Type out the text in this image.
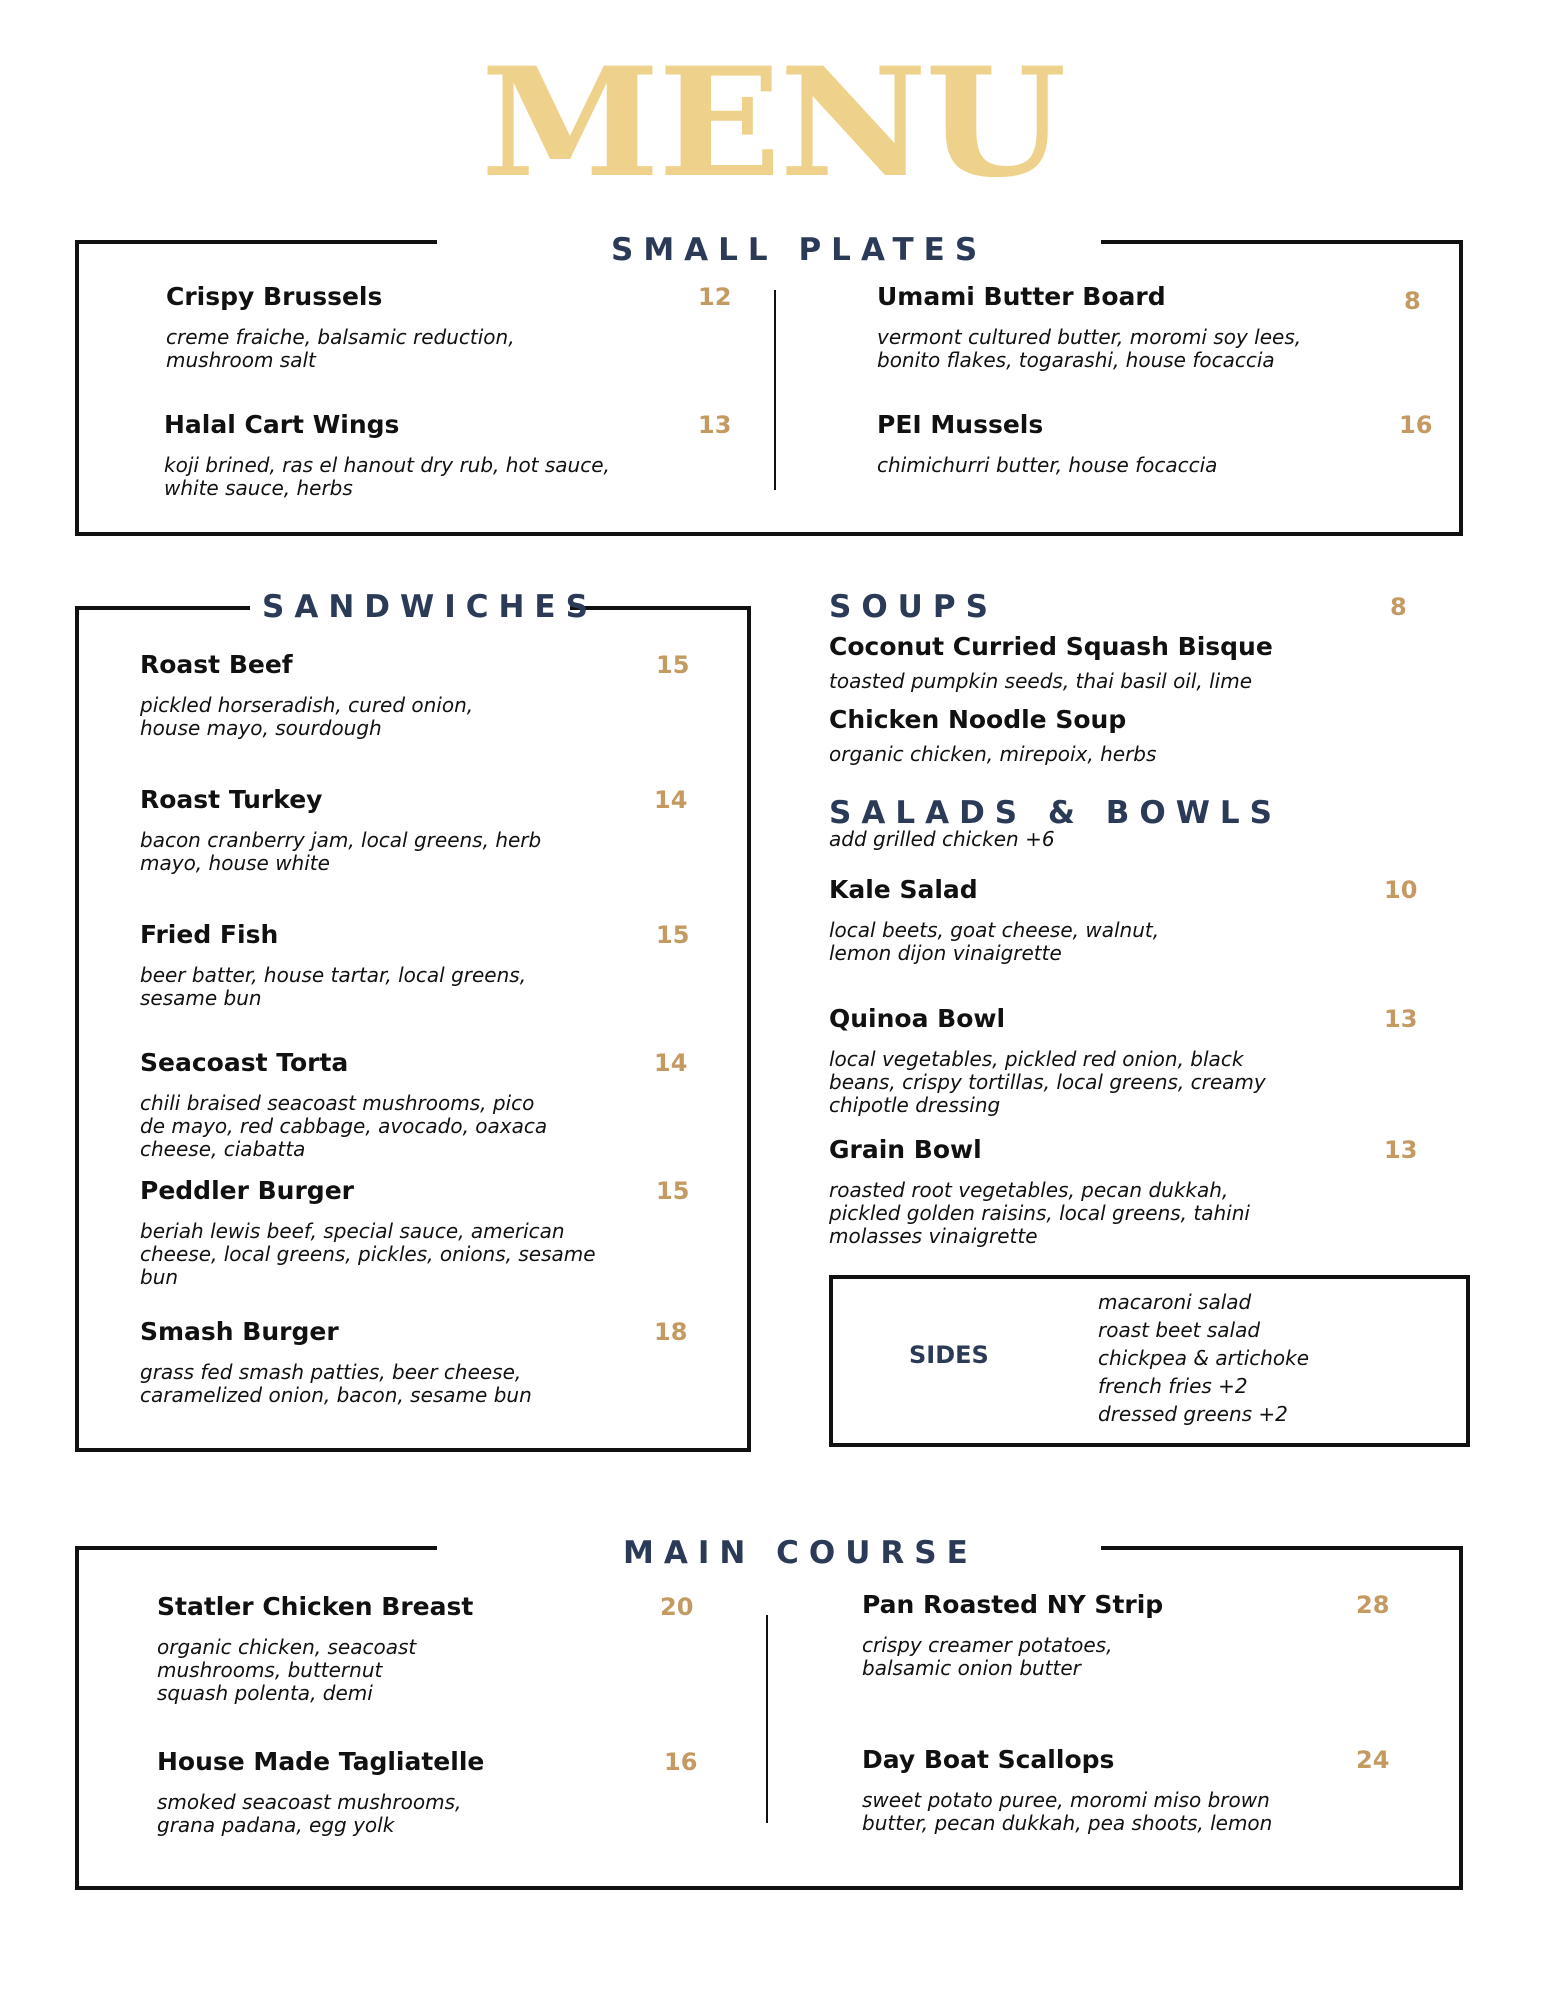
MENU
SMALL PLATES
Crispy Brussels	12
creme fraiche, balsamic reduction, mushroom salt
Halal Cart Wings	13
koji brined, ras el hanout dry rub, hot sauce, white sauce, herbs
Umami Butter Board	8
vermont cultured butter, moromi soy lees, bonito flakes, togarashi, house focaccia
PEI Mussels	16
chimichurri butter, house focaccia
SANDWICHES
Roast Beef	15
pickled horseradish, cured onion, house mayo, sourdough
Roast Turkey	14
bacon cranberry jam, local greens, herb mayo, house white
Fried Fish	15
beer batter, house tartar, local greens, sesame bun
Seacoast Torta	14
chili braised seacoast mushrooms, pico de mayo, red cabbage, avocado, oaxaca cheese, ciabatta
Peddler Burger	15
beriah lewis beef, special sauce, american cheese, local greens, pickles, onions, sesame bun
Smash Burger	18
grass fed smash patties, beer cheese, caramelized onion, bacon, sesame bun
SOUPS	8
Coconut Curried Squash Bisque
toasted pumpkin seeds, thai basil oil, lime
Chicken Noodle Soup
organic chicken, mirepoix, herbs
SALADS & BOWLS
add grilled chicken +6
Kale Salad	10
local beets, goat cheese, walnut, lemon dijon vinaigrette
Quinoa Bowl	13
local vegetables, pickled red onion, black beans, crispy tortillas, local greens, creamy chipotle dressing
Grain Bowl	13
roasted root vegetables, pecan dukkah, pickled golden raisins, local greens, tahini molasses vinaigrette
SIDES
macaroni salad
roast beet salad
chickpea & artichoke
french fries +2
dressed greens +2
MAIN COURSE
Statler Chicken Breast	20
organic chicken, seacoast mushrooms, butternut squash polenta, demi
House Made Tagliatelle	16
smoked seacoast mushrooms, grana padana, egg yolk
Pan Roasted NY Strip	28
crispy creamer potatoes, balsamic onion butter
Day Boat Scallops	24
sweet potato puree, moromi miso brown butter, pecan dukkah, pea shoots, lemon
